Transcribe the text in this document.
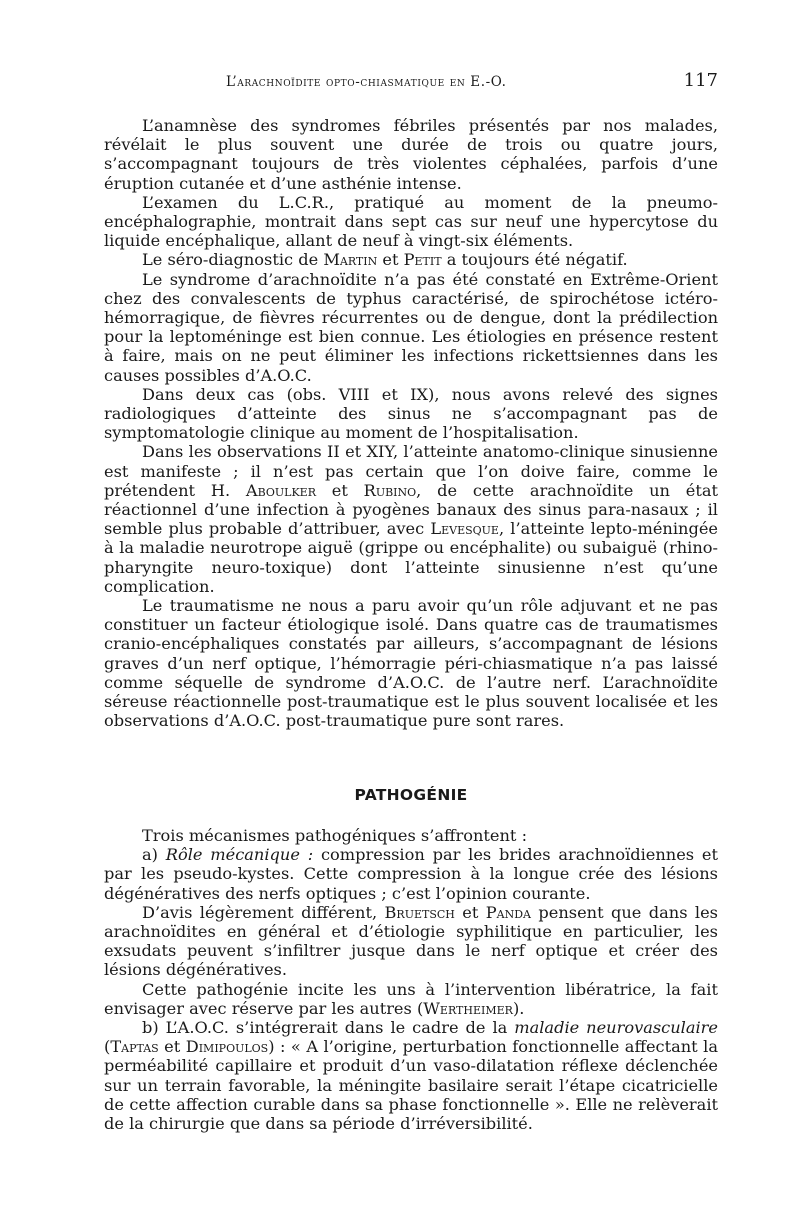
L’arachnoïdite opto-chiasmatique en E.-O.	117

L’anamnèse des syndromes fébriles présentés par nos malades, révélait le plus souvent une durée de trois ou quatre jours, s’accompagnant toujours de très violentes céphalées, parfois d’une éruption cutanée et d’une asthénie intense.

L’examen du L.C.R., pratiqué au moment de la pneumo-encéphalographie, montrait dans sept cas sur neuf une hypercytose du liquide encéphalique, allant de neuf à vingt-six éléments.

Le séro-diagnostic de Martin et Petit a toujours été négatif.

Le syndrome d’arachnoïdite n’a pas été constaté en Extrême-Orient chez des convalescents de typhus caractérisé, de spirochétose ictéro-hémorragique, de fièvres récurrentes ou de dengue, dont la prédilection pour la leptoméninge est bien connue. Les étiologies en présence restent à faire, mais on ne peut éliminer les infections rickettsiennes dans les causes possibles d’A.O.C.

Dans deux cas (obs. VIII et IX), nous avons relevé des signes radiologiques d’atteinte des sinus ne s’accompagnant pas de symptomatologie clinique au moment de l’hospitalisation.

Dans les observations II et XIY, l’atteinte anatomo-clinique sinusienne est manifeste ; il n’est pas certain que l’on doive faire, comme le prétendent H. Aboulker et Rubino, de cette arachnoïdite un état réactionnel d’une infection à pyogènes banaux des sinus para-nasaux ; il semble plus probable d’attribuer, avec Levesque, l’atteinte lepto-méningée à la maladie neurotrope aiguë (grippe ou encéphalite) ou subaiguë (rhino-pharyngite neuro-toxique) dont l’atteinte sinusienne n’est qu’une complication.

Le traumatisme ne nous a paru avoir qu’un rôle adjuvant et ne pas constituer un facteur étiologique isolé. Dans quatre cas de traumatismes cranio-encéphaliques constatés par ailleurs, s’accompagnant de lésions graves d’un nerf optique, l’hémorragie péri-chiasmatique n’a pas laissé comme séquelle de syndrome d’A.O.C. de l’autre nerf. L’arachnoïdite séreuse réactionnelle post-traumatique est le plus souvent localisée et les observations d’A.O.C. post-traumatique pure sont rares.

PATHOGÉNIE

Trois mécanismes pathogéniques s’affrontent :

a) Rôle mécanique : compression par les brides arachnoïdiennes et par les pseudo-kystes. Cette compression à la longue crée des lésions dégénératives des nerfs optiques ; c’est l’opinion courante.

D’avis légèrement différent, Bruetsch et Panda pensent que dans les arachnoïdites en général et d’étiologie syphilitique en particulier, les exsudats peuvent s’infiltrer jusque dans le nerf optique et créer des lésions dégénératives.

Cette pathogénie incite les uns à l’intervention libératrice, la fait envisager avec réserve par les autres (Wertheimer).

b) L’A.O.C. s’intégrerait dans le cadre de la maladie neurovasculaire (Taptas et Dimipoulos) : « A l’origine, perturbation fonctionnelle affectant la perméabilité capillaire et produit d’un vaso-dilatation réflexe déclenchée sur un terrain favorable, la méningite basilaire serait l’étape cicatricielle de cette affection curable dans sa phase fonctionnelle ». Elle ne relèverait de la chirurgie que dans sa période d’irréversibilité.
